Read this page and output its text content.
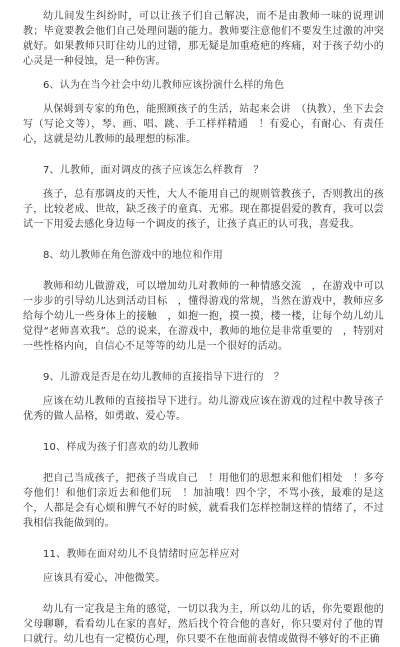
幼儿间发生纠纷时，可以让孩子们自己解决，而不是由教师一味的说理训教；毕竟要教会他们自己处理问题的能力。教师要注意他们不要发生过激的冲突就好。如果教师只盯住幼儿的过错，那无疑是加重疮疤的疼痛，对于孩子幼小的心灵是一种侵蚀，是一种伤害。

6、认为在当今社会中幼儿教师应该扮演什么样的角色

从保姆到专家的角色，能照顾孩子的生活，站起来会讲　（执教），坐下去会写（写论文等），琴、画、唱、跳、手工样样精通　！有爱心，有耐心、有责任心，这就是幼儿教师的最理想的标准。

7、儿教师，面对调皮的孩子应该怎么样教育　？

孩子，总有那调皮的天性，大人不能用自己的规则管教孩子，否则教出的孩子，比较老成、世故，缺乏孩子的童真、无邪。现在都提倡爱的教育，我可以尝试一下用爱去感化身边每一个调皮的孩子，让孩子真正的认可我，喜爱我。

8、幼儿教师在角色游戏中的地位和作用

教师和幼儿做游戏，可以增加幼儿对教师的一种情感交流　，在游戏中可以一步步的引导幼儿达到活动目标　，懂得游戏的常规，当然在游戏中，教师应多给每个幼儿一些身体上的接触　，如抱一抱，摸一摸，楼一楼，让每个幼儿幼儿觉得“老师喜欢我”。总的说来，在游戏中，教师的地位是非常重要的　，特别对一些性格内向，自信心不足等等的幼儿是一个很好的活动。

9、儿游戏是否是在幼儿教师的直接指导下进行的　？

应该在幼儿教师的直接指导下进行。幼儿游戏应该在游戏的过程中教导孩子优秀的做人品格，如勇敢、爱心等。

10、样成为孩子们喜欢的幼儿教师

把自己当成孩子，把孩子当成自己　！用他们的思想来和他们相处　！多夸夸他们！和他们亲近去和他们玩　！加油哦！四个字，不骂小孩，最难的是这个，人都是会有心烦和脾气不好的时候，就看我们怎样控制这样的情绪了，不过我相信我能做到的。

11、教师在面对幼儿不良情绪时应怎样应对

应该具有爱心，冲他微笑。

幼儿有一定我是主角的感觉，一切以我为主，所以幼儿的话，你先要跟他的父母聊聊，看看幼儿在家的喜好，然后找个符合他的喜好，你只要对付了他的胃口就行。幼儿也有一定模仿心理，你只要不在他面前表情或做得不够好的不正确
